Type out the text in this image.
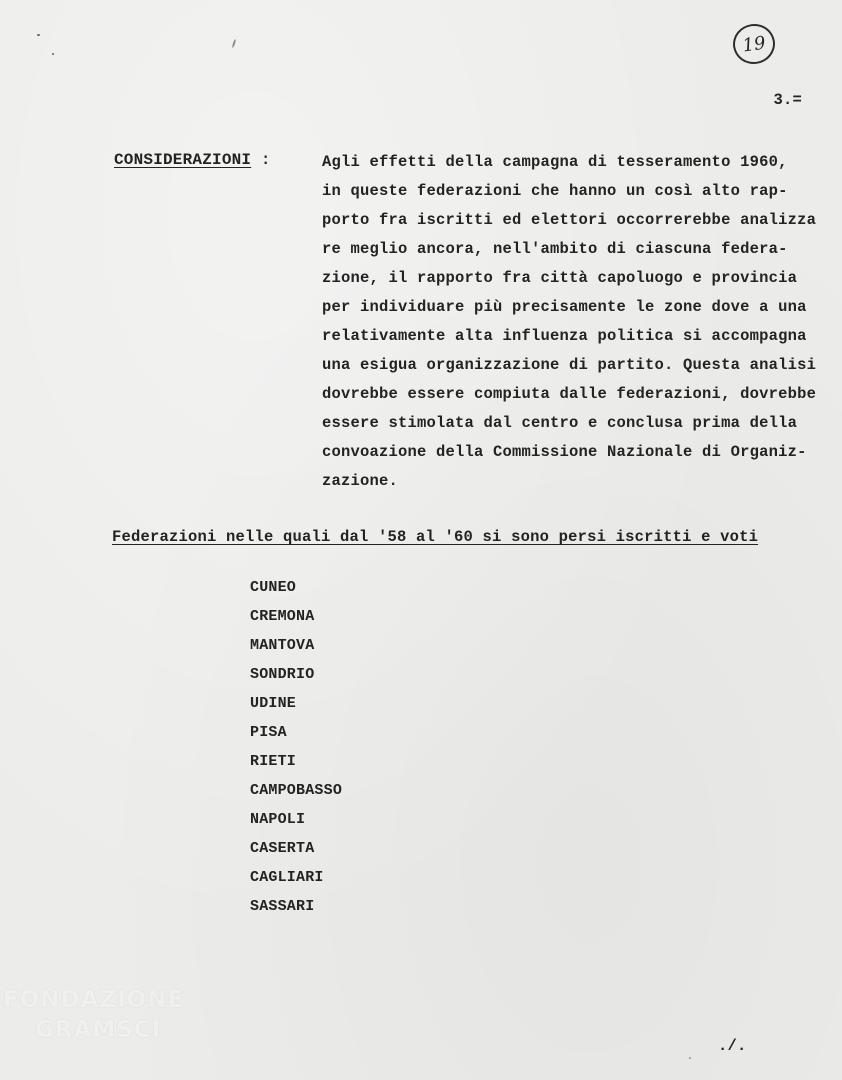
19
3.=
CONSIDERAZIONI :	Agli effetti della campagna di tesseramento 1960,
in queste federazioni che hanno un così alto rap-
porto fra iscritti ed elettori occorrerebbe analizza
re meglio ancora, nell'ambito di ciascuna federa-
zione, il rapporto fra città capoluogo e provincia
per individuare più precisamente le zone dove a una
relativamente alta influenza politica si accompagna
una esigua organizzazione di partito. Questa analisi
dovrebbe essere compiuta dalle federazioni, dovrebbe
essere stimolata dal centro e conclusa prima della
convoazione della Commissione Nazionale di Organiz-
zazione.
Federazioni nelle quali dal '58 al '60 si sono persi iscritti e voti
CUNEO
CREMONA
MANTOVA
SONDRIO
UDINE
PISA
RIETI
CAMPOBASSO
NAPOLI
CASERTA
CAGLIARI
SASSARI
./.
FONDAZIONE
GRAMSCI
